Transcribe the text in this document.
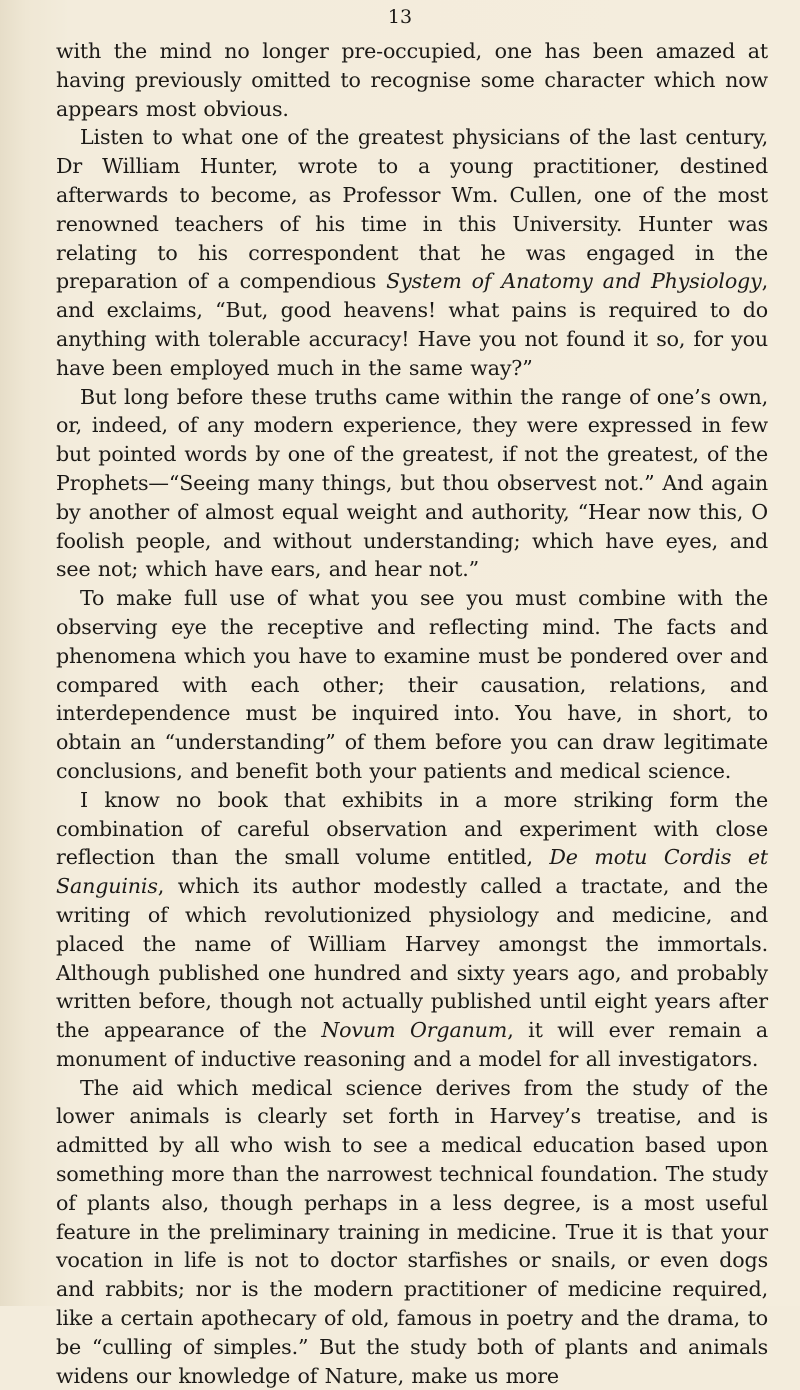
13

with the mind no longer pre-occupied, one has been amazed at having previously omitted to recognise some character which now appears most obvious.

Listen to what one of the greatest physicians of the last century, Dr William Hunter, wrote to a young practitioner, destined afterwards to become, as Professor Wm. Cullen, one of the most renowned teachers of his time in this University. Hunter was relating to his correspondent that he was engaged in the preparation of a compendious System of Anatomy and Physiology, and exclaims, “But, good heavens! what pains is required to do anything with tolerable accuracy! Have you not found it so, for you have been employed much in the same way?”

But long before these truths came within the range of one’s own, or, indeed, of any modern experience, they were expressed in few but pointed words by one of the greatest, if not the greatest, of the Prophets—“Seeing many things, but thou observest not.” And again by another of almost equal weight and authority, “Hear now this, O foolish people, and without understanding; which have eyes, and see not; which have ears, and hear not.”

To make full use of what you see you must combine with the observing eye the receptive and reflecting mind. The facts and phenomena which you have to examine must be pondered over and compared with each other; their causation, relations, and interdependence must be inquired into. You have, in short, to obtain an “understanding” of them before you can draw legitimate conclusions, and benefit both your patients and medical science.

I know no book that exhibits in a more striking form the combination of careful observation and experiment with close reflection than the small volume entitled, De motu Cordis et Sanguinis, which its author modestly called a tractate, and the writing of which revolutionized physiology and medicine, and placed the name of William Harvey amongst the immortals. Although published one hundred and sixty years ago, and probably written before, though not actually published until eight years after the appearance of the Novum Organum, it will ever remain a monument of inductive reasoning and a model for all investigators.

The aid which medical science derives from the study of the lower animals is clearly set forth in Harvey’s treatise, and is admitted by all who wish to see a medical education based upon something more than the narrowest technical foundation. The study of plants also, though perhaps in a less degree, is a most useful feature in the preliminary training in medicine. True it is that your vocation in life is not to doctor starfishes or snails, or even dogs and rabbits; nor is the modern practitioner of medicine required, like a certain apothecary of old, famous in poetry and the drama, to be “culling of simples.” But the study both of plants and animals widens our knowledge of Nature, make us more
